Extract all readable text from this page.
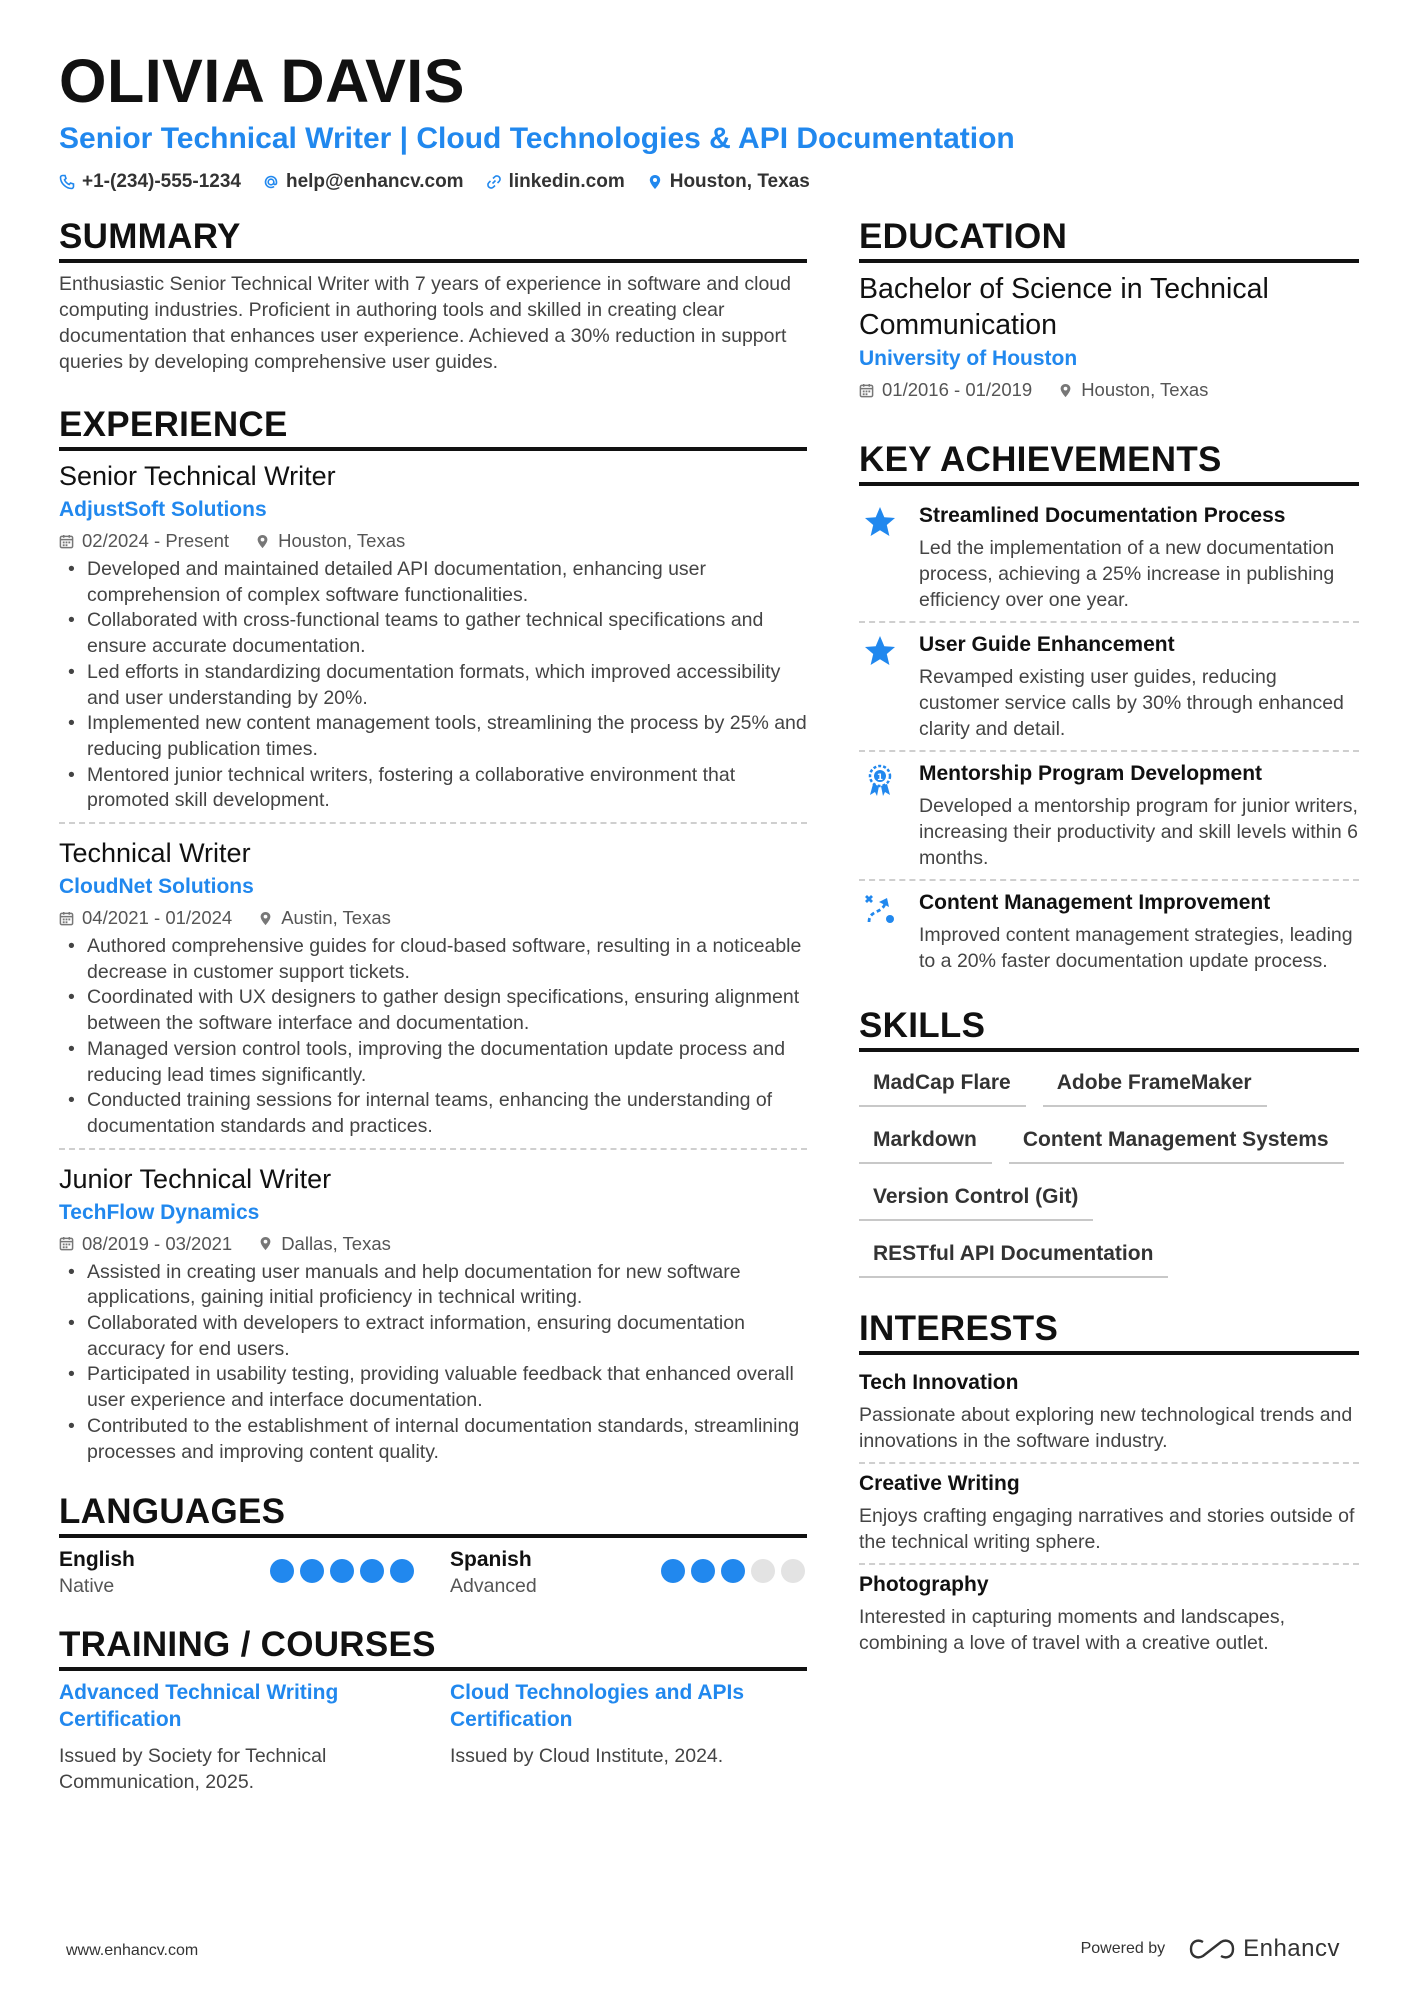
OLIVIA DAVIS
Senior Technical Writer | Cloud Technologies & API Documentation
+1-(234)-555-1234 help@enhancv.com linkedin.com Houston, Texas
SUMMARY
Enthusiastic Senior Technical Writer with 7 years of experience in software and cloud computing industries. Proficient in authoring tools and skilled in creating clear documentation that enhances user experience. Achieved a 30% reduction in support queries by developing comprehensive user guides.
EXPERIENCE
Senior Technical Writer
AdjustSoft Solutions
02/2024 - Present	Houston, Texas
• Developed and maintained detailed API documentation, enhancing user comprehension of complex software functionalities.
• Collaborated with cross-functional teams to gather technical specifications and ensure accurate documentation.
• Led efforts in standardizing documentation formats, which improved accessibility and user understanding by 20%.
• Implemented new content management tools, streamlining the process by 25% and reducing publication times.
• Mentored junior technical writers, fostering a collaborative environment that promoted skill development.
Technical Writer
CloudNet Solutions
04/2021 - 01/2024	Austin, Texas
• Authored comprehensive guides for cloud-based software, resulting in a noticeable decrease in customer support tickets.
• Coordinated with UX designers to gather design specifications, ensuring alignment between the software interface and documentation.
• Managed version control tools, improving the documentation update process and reducing lead times significantly.
• Conducted training sessions for internal teams, enhancing the understanding of documentation standards and practices.
Junior Technical Writer
TechFlow Dynamics
08/2019 - 03/2021	Dallas, Texas
• Assisted in creating user manuals and help documentation for new software applications, gaining initial proficiency in technical writing.
• Collaborated with developers to extract information, ensuring documentation accuracy for end users.
• Participated in usability testing, providing valuable feedback that enhanced overall user experience and interface documentation.
• Contributed to the establishment of internal documentation standards, streamlining processes and improving content quality.
LANGUAGES
English
Native
Spanish
Advanced
TRAINING / COURSES
Advanced Technical Writing Certification
Issued by Society for Technical Communication, 2025.
Cloud Technologies and APIs Certification
Issued by Cloud Institute, 2024.
EDUCATION
Bachelor of Science in Technical Communication
University of Houston
01/2016 - 01/2019	Houston, Texas
KEY ACHIEVEMENTS
Streamlined Documentation Process
Led the implementation of a new documentation process, achieving a 25% increase in publishing efficiency over one year.
User Guide Enhancement
Revamped existing user guides, reducing customer service calls by 30% through enhanced clarity and detail.
1 Mentorship Program Development
Developed a mentorship program for junior writers, increasing their productivity and skill levels within 6 months.
Content Management Improvement
Improved content management strategies, leading to a 20% faster documentation update process.
SKILLS
MadCap Flare	Adobe FrameMaker
Markdown	Content Management Systems
Version Control (Git)
RESTful API Documentation
INTERESTS
Tech Innovation
Passionate about exploring new technological trends and innovations in the software industry.
Creative Writing
Enjoys crafting engaging narratives and stories outside of the technical writing sphere.
Photography
Interested in capturing moments and landscapes, combining a love of travel with a creative outlet.
www.enhancv.com	Powered by	Enhancv
